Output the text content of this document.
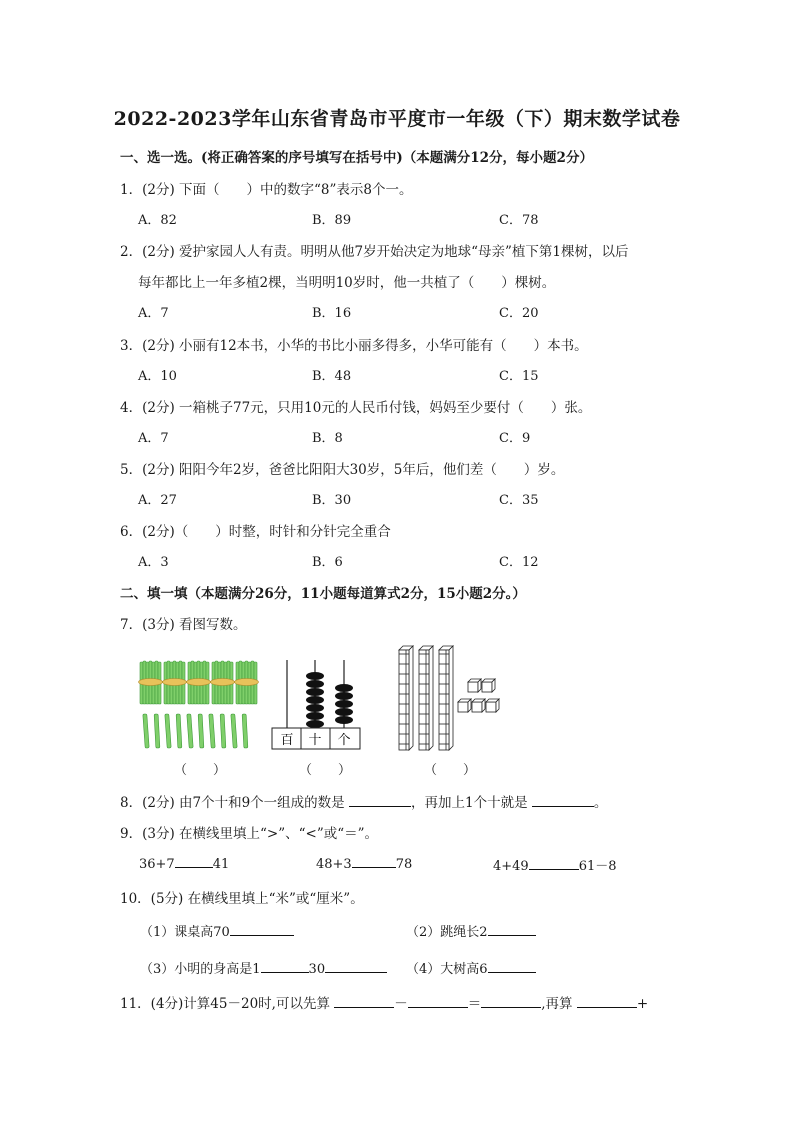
2022-2023学年山东省青岛市平度市一年级（下）期末数学试卷
一、选一选。(将正确答案的序号填写在括号中)（本题满分12分，每小题2分）
1．(2分) 下面（　　）中的数字“8”表示8个一。
A．82	B．89	C．78
2．(2分) 爱护家园人人有责。明明从他7岁开始决定为地球“母亲”植下第1棵树，以后
每年都比上一年多植2棵，当明明10岁时，他一共植了（　　）棵树。
A．7	B．16	C．20
3．(2分) 小丽有12本书，小华的书比小丽多得多，小华可能有（　　）本书。
A．10	B．48	C．15
4．(2分) 一箱桃子77元，只用10元的人民币付钱，妈妈至少要付（　　）张。
A．7	B．8	C．9
5．(2分) 阳阳今年2岁，爸爸比阳阳大30岁，5年后，他们差（　　）岁。
A．27	B．30	C．35
6．(2分)（　　）时整，时针和分针完全重合
A．3	B．6	C．12
二、填一填（本题满分26分，11小题每道算式2分，15小题2分。）
7．(3分) 看图写数。
百 十 个
（　　）	（　　）	（　　）
8．(2分) 由7个十和9个一组成的数是	，再加上1个十就是	。
9．(3分) 在横线里填上“>”、“<”或“＝”。
36+7	41	48+3	78	4+49	61－8
10．(5分) 在横线里填上“米”或“厘米”。
（1）课桌高70	（2）跳绳长2
（3）小明的身高是1	30	（4）大树高6
11．(4分)计算45－20时,可以先算	－	＝	,再算	+
